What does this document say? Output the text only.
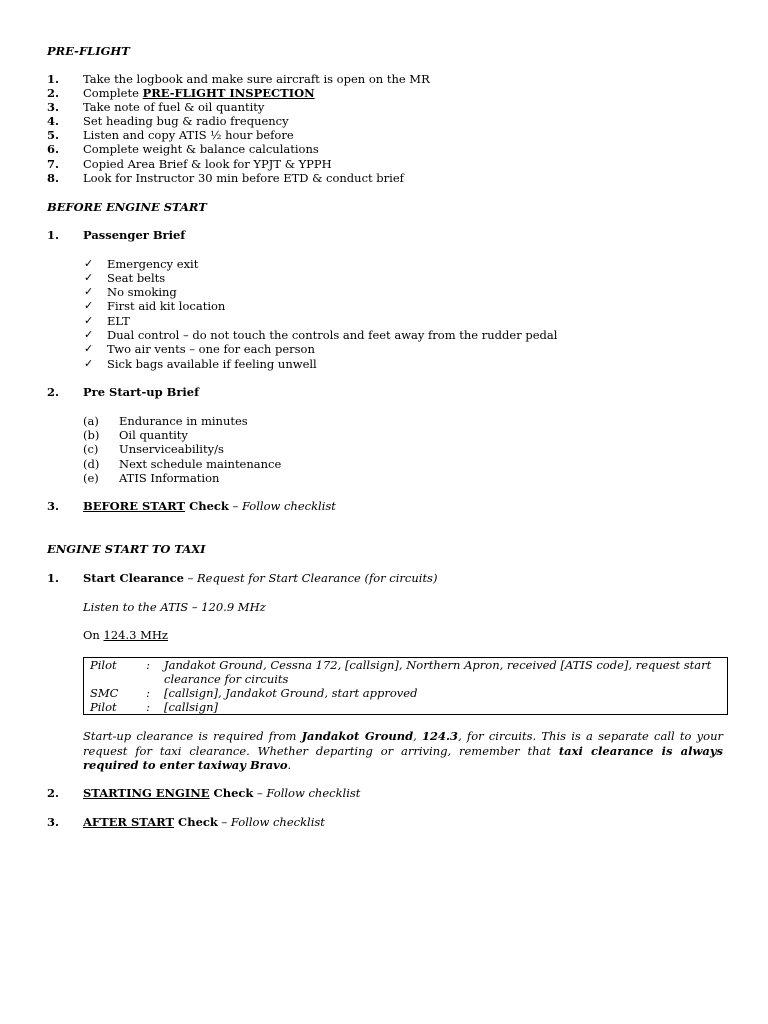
PRE-FLIGHT
1. Take the logbook and make sure aircraft is open on the MR
2. Complete PRE-FLIGHT INSPECTION
3. Take note of fuel & oil quantity
4. Set heading bug & radio frequency
5. Listen and copy ATIS ½ hour before
6. Complete weight & balance calculations
7. Copied Area Brief & look for YPJT & YPPH
8. Look for Instructor 30 min before ETD & conduct brief
BEFORE ENGINE START
1. Passenger Brief
✓ Emergency exit
✓ Seat belts
✓ No smoking
✓ First aid kit location
✓ ELT
✓ Dual control – do not touch the controls and feet away from the rudder pedal
✓ Two air vents – one for each person
✓ Sick bags available if feeling unwell
2. Pre Start-up Brief
(a) Endurance in minutes
(b) Oil quantity
(c) Unserviceability/s
(d) Next schedule maintenance
(e) ATIS Information
3. BEFORE START Check – Follow checklist
ENGINE START TO TAXI
1. Start Clearance – Request for Start Clearance (for circuits)
Listen to the ATIS – 120.9 MHz
On 124.3 MHz
Pilot	:	Jandakot Ground, Cessna 172, [callsign], Northern Apron, received [ATIS code], request start clearance for circuits
SMC	:	[callsign], Jandakot Ground, start approved
Pilot	:	[callsign]
Start-up clearance is required from Jandakot Ground, 124.3, for circuits. This is a separate call to your request for taxi clearance. Whether departing or arriving, remember that taxi clearance is always required to enter taxiway Bravo.
2. STARTING ENGINE Check – Follow checklist
3. AFTER START Check – Follow checklist
